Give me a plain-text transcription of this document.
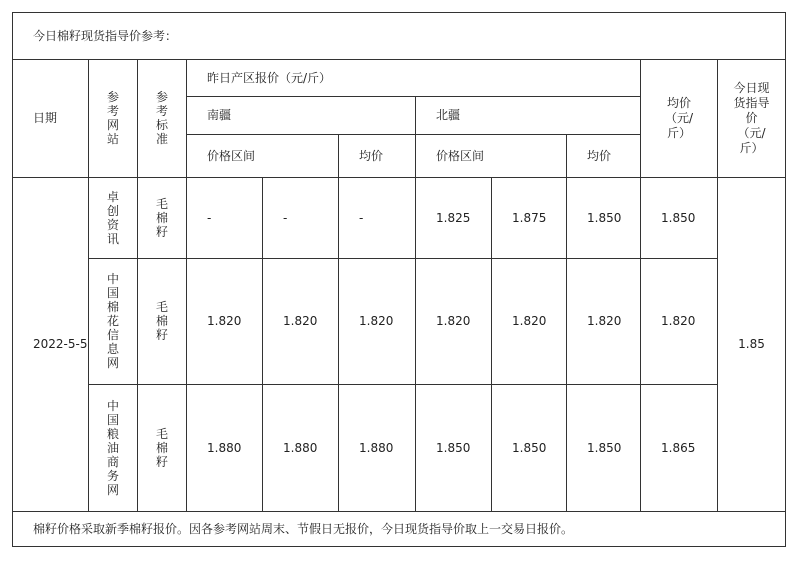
今日棉籽现货指导价参考：										
日期	参考网站	参考标准	昨日产区报价（元/斤）						均价（元/斤）	今日现货指导价（元/斤）
			南疆			北疆				
			价格区间		均价	价格区间		均价		
2022-5-5	卓创资讯	毛棉籽	-	-	-	1.825	1.875	1.850	1.850	1.85
	中国棉花信息网	毛棉籽	1.820	1.820	1.820	1.820	1.820	1.820	1.820	
	中国粮油商务网	毛棉籽	1.880	1.880	1.880	1.850	1.850	1.850	1.865	
棉籽价格采取新季棉籽报价。因各参考网站周末、节假日无报价，今日现货指导价取上一交易日报价。										
